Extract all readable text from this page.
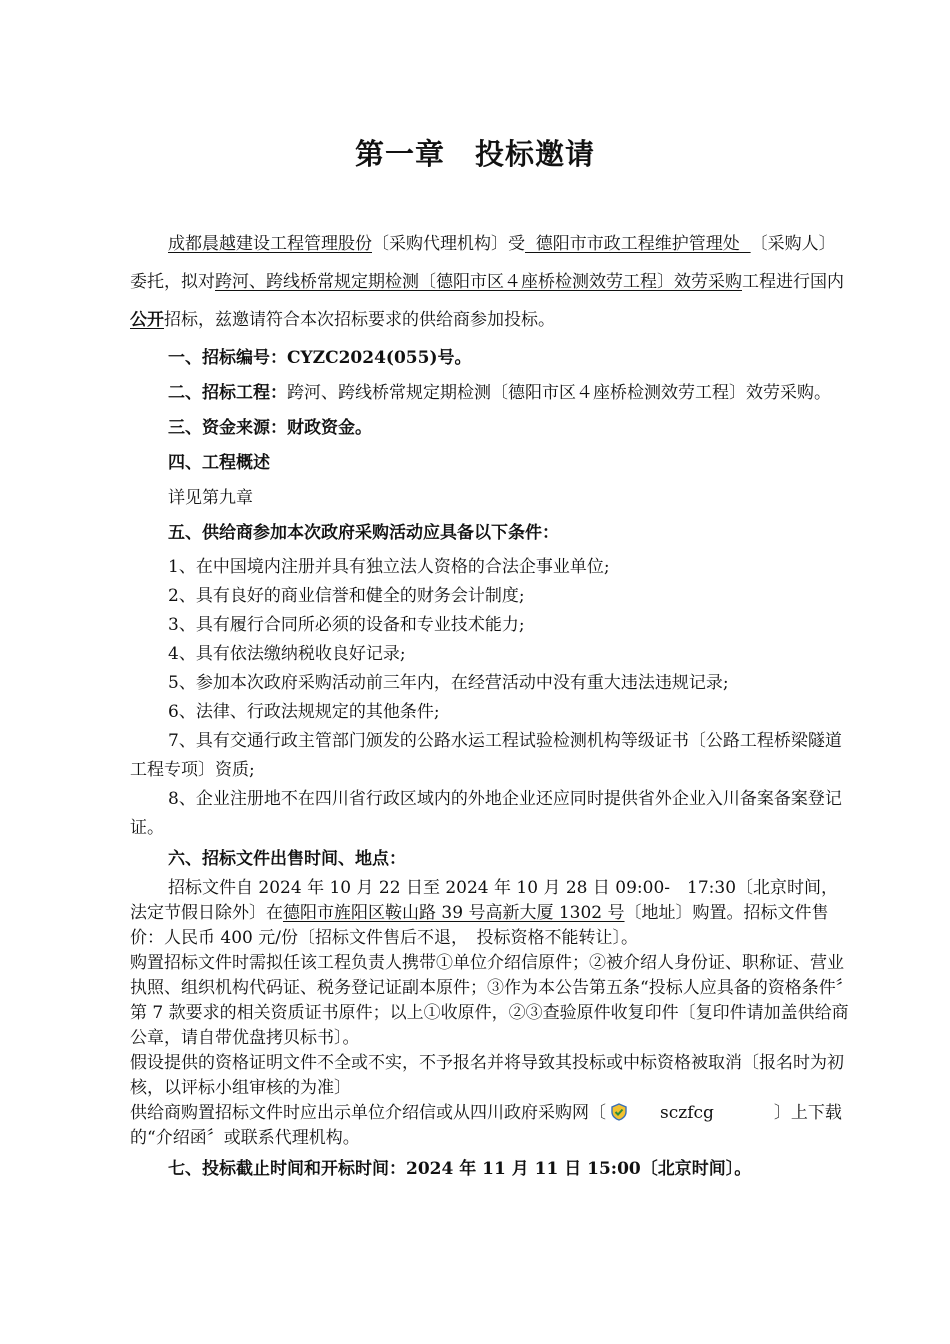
第一章 投标邀请

成都晨越建设工程管理股份〔采购代理机构〕受  德阳市市政工程维护管理处  〔采购人〕委托，拟对跨河、跨线桥常规定期检测〔德阳市区４座桥检测效劳工程〕效劳采购工程进行国内公开招标，兹邀请符合本次招标要求的供给商参加投标。

一、招标编号：CYZC2024(055)号。

二、招标工程：跨河、跨线桥常规定期检测〔德阳市区４座桥检测效劳工程〕效劳采购。

三、资金来源：财政资金。

四、工程概述

详见第九章

五、供给商参加本次政府采购活动应具备以下条件：

1、在中国境内注册并具有独立法人资格的合法企事业单位;

2、具有良好的商业信誉和健全的财务会计制度;

3、具有履行合同所必须的设备和专业技术能力;

4、具有依法缴纳税收良好记录;

5、参加本次政府采购活动前三年内，在经营活动中没有重大违法违规记录;

6、法律、行政法规规定的其他条件;

7、具有交通行政主管部门颁发的公路水运工程试验检测机构等级证书〔公路工程桥梁隧道工程专项〕资质;

8、企业注册地不在四川省行政区域内的外地企业还应同时提供省外企业入川备案备案登记证。

六、招标文件出售时间、地点：

招标文件自 2024 年 10 月 22 日至 2024 年 10 月 28 日 09:00-　17:30〔北京时间，法定节假日除外〕在德阳市旌阳区鞍山路 39 号高新大厦 1302 号〔地址〕购置。招标文件售价：人民币 400 元/份〔招标文件售后不退，　投标资格不能转让〕。

购置招标文件时需拟任该工程负责人携带①单位介绍信原件；②被介绍人身份证、职称证、营业执照、组织机构代码证、税务登记证副本原件；③作为本公告第五条“投标人应具备的资格条件〞第 7 款要求的相关资质证书原件；以上①收原件，②③查验原件收复印件〔复印件请加盖供给商公章，请自带优盘拷贝标书〕。

假设提供的资格证明文件不全或不实，不予报名并将导致其投标或中标资格被取消〔报名时为初核，以评标小组审核的为准〕

供给商购置招标文件时应出示单位介绍信或从四川政府采购网〔	sczfcg	〕上下载的“介绍函〞或联系代理机构。

七、投标截止时间和开标时间：2024 年 11 月 11 日 15:00〔北京时间〕。
